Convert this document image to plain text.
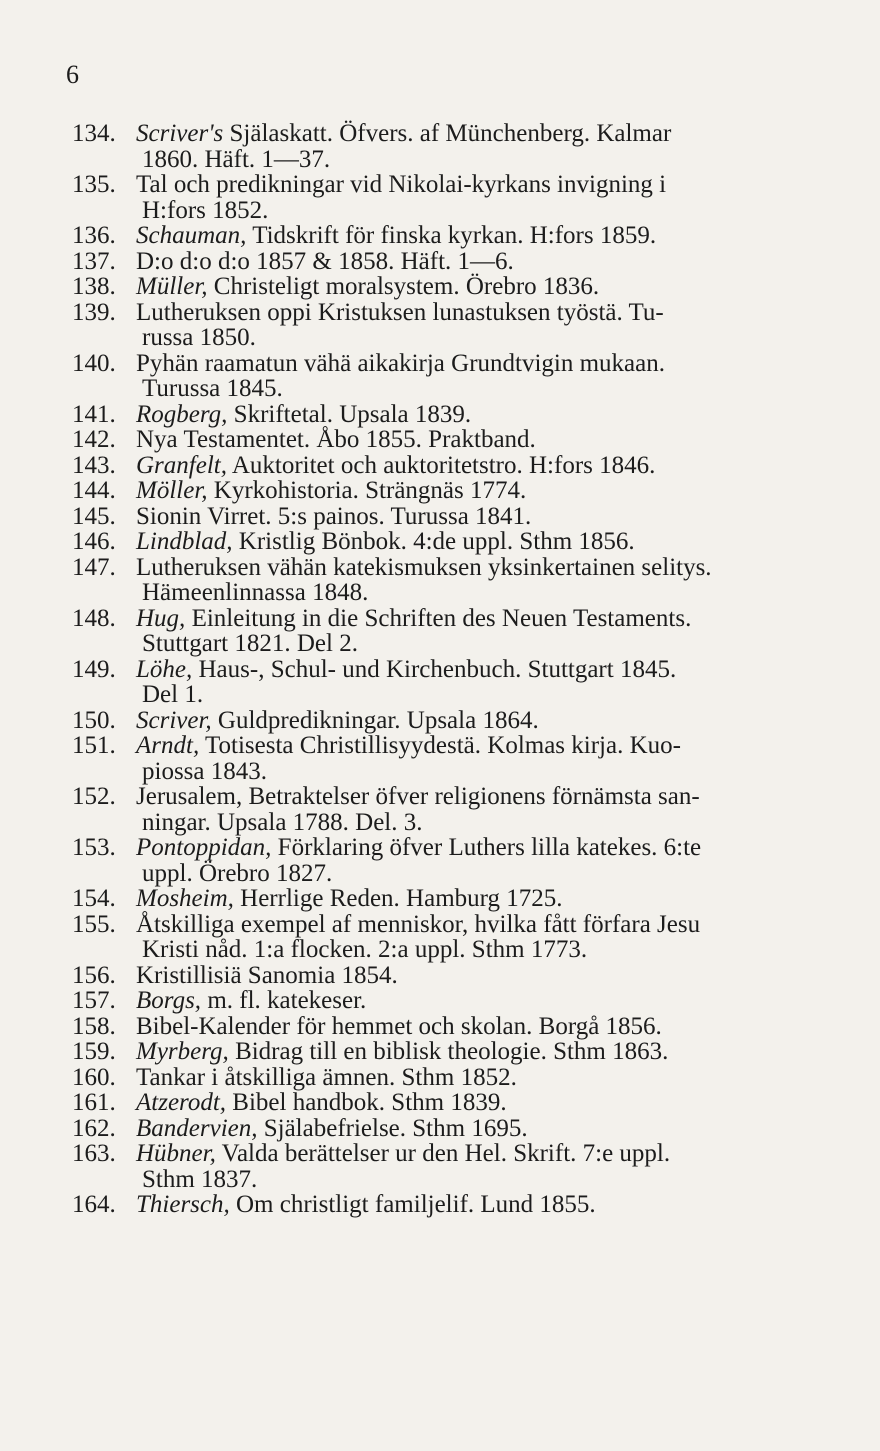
6
134. Scriver's Själaskatt. Öfvers. af Münchenberg. Kalmar
1860. Häft. 1—37.
135. Tal och predikningar vid Nikolai-kyrkans invigning i
H:fors 1852.
136. Schauman, Tidskrift för finska kyrkan. H:fors 1859.
137. D:o d:o d:o 1857 & 1858. Häft. 1—6.
138. Müller, Christeligt moralsystem. Örebro 1836.
139. Lutheruksen oppi Kristuksen lunastuksen työstä. Tu-
russa 1850.
140. Pyhän raamatun vähä aikakirja Grundtvigin mukaan.
Turussa 1845.
141. Rogberg, Skriftetal. Upsala 1839.
142. Nya Testamentet. Åbo 1855. Praktband.
143. Granfelt, Auktoritet och auktoritetstro. H:fors 1846.
144. Möller, Kyrkohistoria. Strängnäs 1774.
145. Sionin Virret. 5:s painos. Turussa 1841.
146. Lindblad, Kristlig Bönbok. 4:de uppl. Sthm 1856.
147. Lutheruksen vähän katekismuksen yksinkertainen selitys.
Hämeenlinnassa 1848.
148. Hug, Einleitung in die Schriften des Neuen Testaments.
Stuttgart 1821. Del 2.
149. Löhe, Haus-, Schul- und Kirchenbuch. Stuttgart 1845.
Del 1.
150. Scriver, Guldpredikningar. Upsala 1864.
151. Arndt, Totisesta Christillisyydestä. Kolmas kirja. Kuo-
piossa 1843.
152. Jerusalem, Betraktelser öfver religionens förnämsta san-
ningar. Upsala 1788. Del. 3.
153. Pontoppidan, Förklaring öfver Luthers lilla katekes. 6:te
uppl. Örebro 1827.
154. Mosheim, Herrlige Reden. Hamburg 1725.
155. Åtskilliga exempel af menniskor, hvilka fått förfara Jesu
Kristi nåd. 1:a flocken. 2:a uppl. Sthm 1773.
156. Kristillisiä Sanomia 1854.
157. Borgs, m. fl. katekeser.
158. Bibel-Kalender för hemmet och skolan. Borgå 1856.
159. Myrberg, Bidrag till en biblisk theologie. Sthm 1863.
160. Tankar i åtskilliga ämnen. Sthm 1852.
161. Atzerodt, Bibel handbok. Sthm 1839.
162. Bandervien, Själabefrielse. Sthm 1695.
163. Hübner, Valda berättelser ur den Hel. Skrift. 7:e uppl.
Sthm 1837.
164. Thiersch, Om christligt familjelif. Lund 1855.
